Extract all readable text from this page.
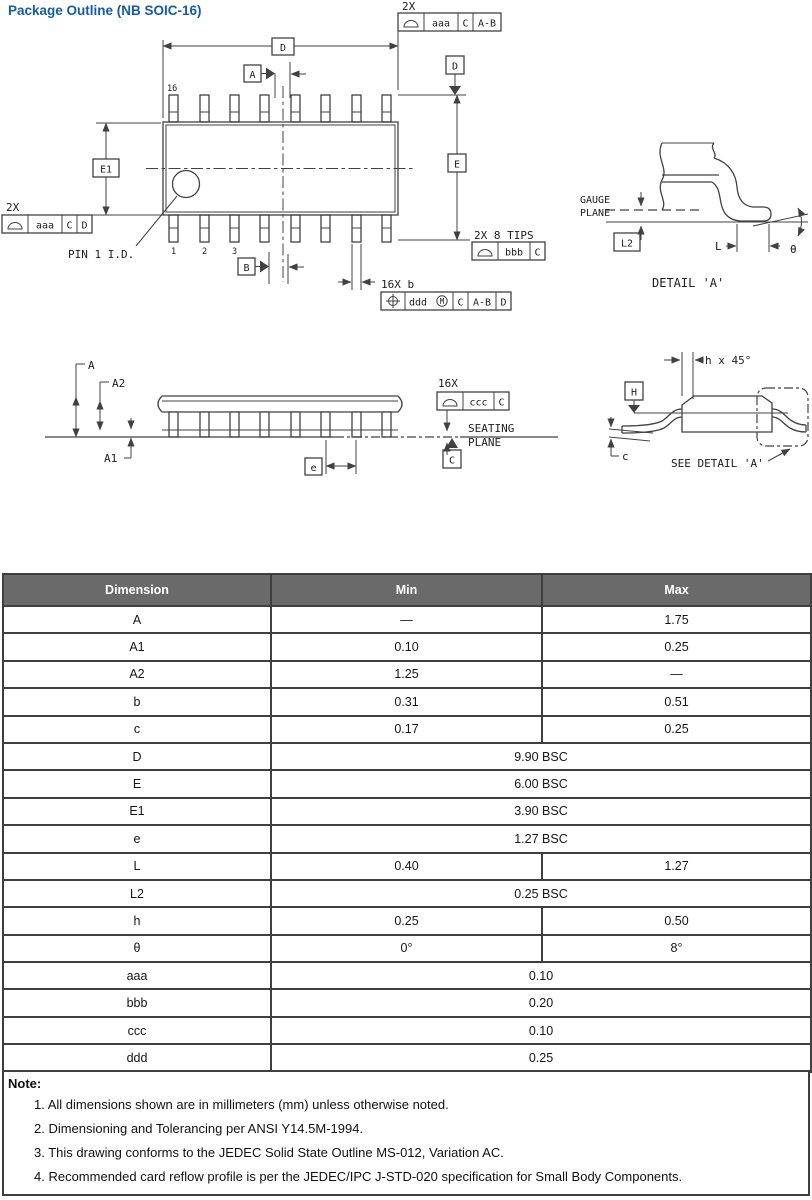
Package Outline (NB SOIC-16)
16
1	2	3
D
A
B
2X
aaa C A-B
2X
aaa C D
E1
PIN 1 I.D.
D
E
2X 8 TIPS
bbb C
16X b
ddd M C A-B D
GAUGE
PLANE
L2	L	θ
DETAIL 'A'
A
A2
A1
e
16X
ccc C
SEATING
PLANE
C
h x 45°
H
c
SEE DETAIL 'A'
Dimension	Min	Max
A	—	1.75
A1	0.10	0.25
A2	1.25	—
b	0.31	0.51
c	0.17	0.25
D	9.90 BSC	
E	6.00 BSC	
E1	3.90 BSC	
e	1.27 BSC	
L	0.40	1.27
L2	0.25 BSC	
h	0.25	0.50
θ	0°	8°
aaa	0.10	
bbb	0.20	
ccc	0.10	
ddd	0.25	
Note:
1. All dimensions shown are in millimeters (mm) unless otherwise noted.
2. Dimensioning and Tolerancing per ANSI Y14.5M-1994.
3. This drawing conforms to the JEDEC Solid State Outline MS-012, Variation AC.
4. Recommended card reflow profile is per the JEDEC/IPC J-STD-020 specification for Small Body Components.
